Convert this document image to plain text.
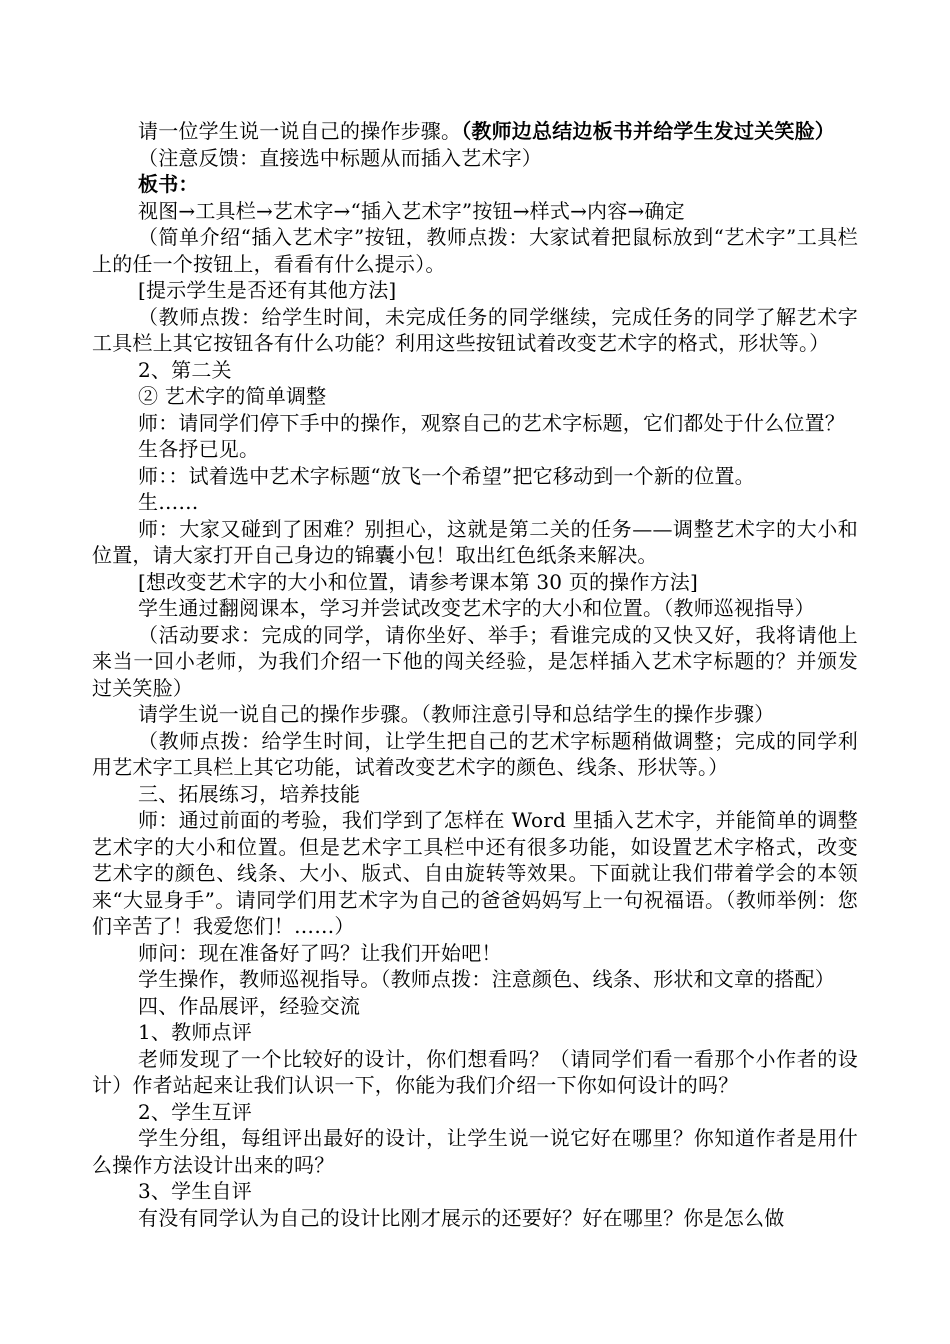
请一位学生说一说自己的操作步骤。（教师边总结边板书并给学生发过关笑脸）

（注意反馈：直接选中标题从而插入艺术字）

板书：

视图→工具栏→艺术字→“插入艺术字”按钮→样式→内容→确定

（简单介绍“插入艺术字”按钮，教师点拨：大家试着把鼠标放到“艺术字”工具栏上的任一个按钮上，看看有什么提示）。

[提示学生是否还有其他方法]

（教师点拨：给学生时间，未完成任务的同学继续，完成任务的同学了解艺术字工具栏上其它按钮各有什么功能？利用这些按钮试着改变艺术字的格式，形状等。）

2、第二关

② 艺术字的简单调整

师：请同学们停下手中的操作，观察自己的艺术字标题，它们都处于什么位置？

生各抒已见。

师：：试着选中艺术字标题“放飞一个希望”把它移动到一个新的位置。

生……

师：大家又碰到了困难？别担心，这就是第二关的任务——调整艺术字的大小和位置，请大家打开自己身边的锦囊小包！取出红色纸条来解决。

[想改变艺术字的大小和位置，请参考课本第 30 页的操作方法]

学生通过翻阅课本，学习并尝试改变艺术字的大小和位置。（教师巡视指导）

（活动要求：完成的同学，请你坐好、举手；看谁完成的又快又好，我将请他上来当一回小老师，为我们介绍一下他的闯关经验，是怎样插入艺术字标题的？并颁发过关笑脸）

请学生说一说自己的操作步骤。（教师注意引导和总结学生的操作步骤）

（教师点拨：给学生时间，让学生把自己的艺术字标题稍做调整；完成的同学利用艺术字工具栏上其它功能，试着改变艺术字的颜色、线条、形状等。）

三、拓展练习，培养技能

师：通过前面的考验，我们学到了怎样在 Word 里插入艺术字，并能简单的调整艺术字的大小和位置。但是艺术字工具栏中还有很多功能，如设置艺术字格式，改变艺术字的颜色、线条、大小、版式、自由旋转等效果。下面就让我们带着学会的本领来“大显身手”。请同学们用艺术字为自己的爸爸妈妈写上一句祝福语。（教师举例：您们辛苦了！我爱您们！……）

师问：现在准备好了吗？让我们开始吧！

学生操作，教师巡视指导。（教师点拨：注意颜色、线条、形状和文章的搭配）

四、作品展评，经验交流

1、教师点评

老师发现了一个比较好的设计，你们想看吗？（请同学们看一看那个小作者的设计）作者站起来让我们认识一下，你能为我们介绍一下你如何设计的吗？

2、学生互评

学生分组，每组评出最好的设计，让学生说一说它好在哪里？你知道作者是用什么操作方法设计出来的吗？

3、学生自评

有没有同学认为自己的设计比刚才展示的还要好？好在哪里？你是怎么做
